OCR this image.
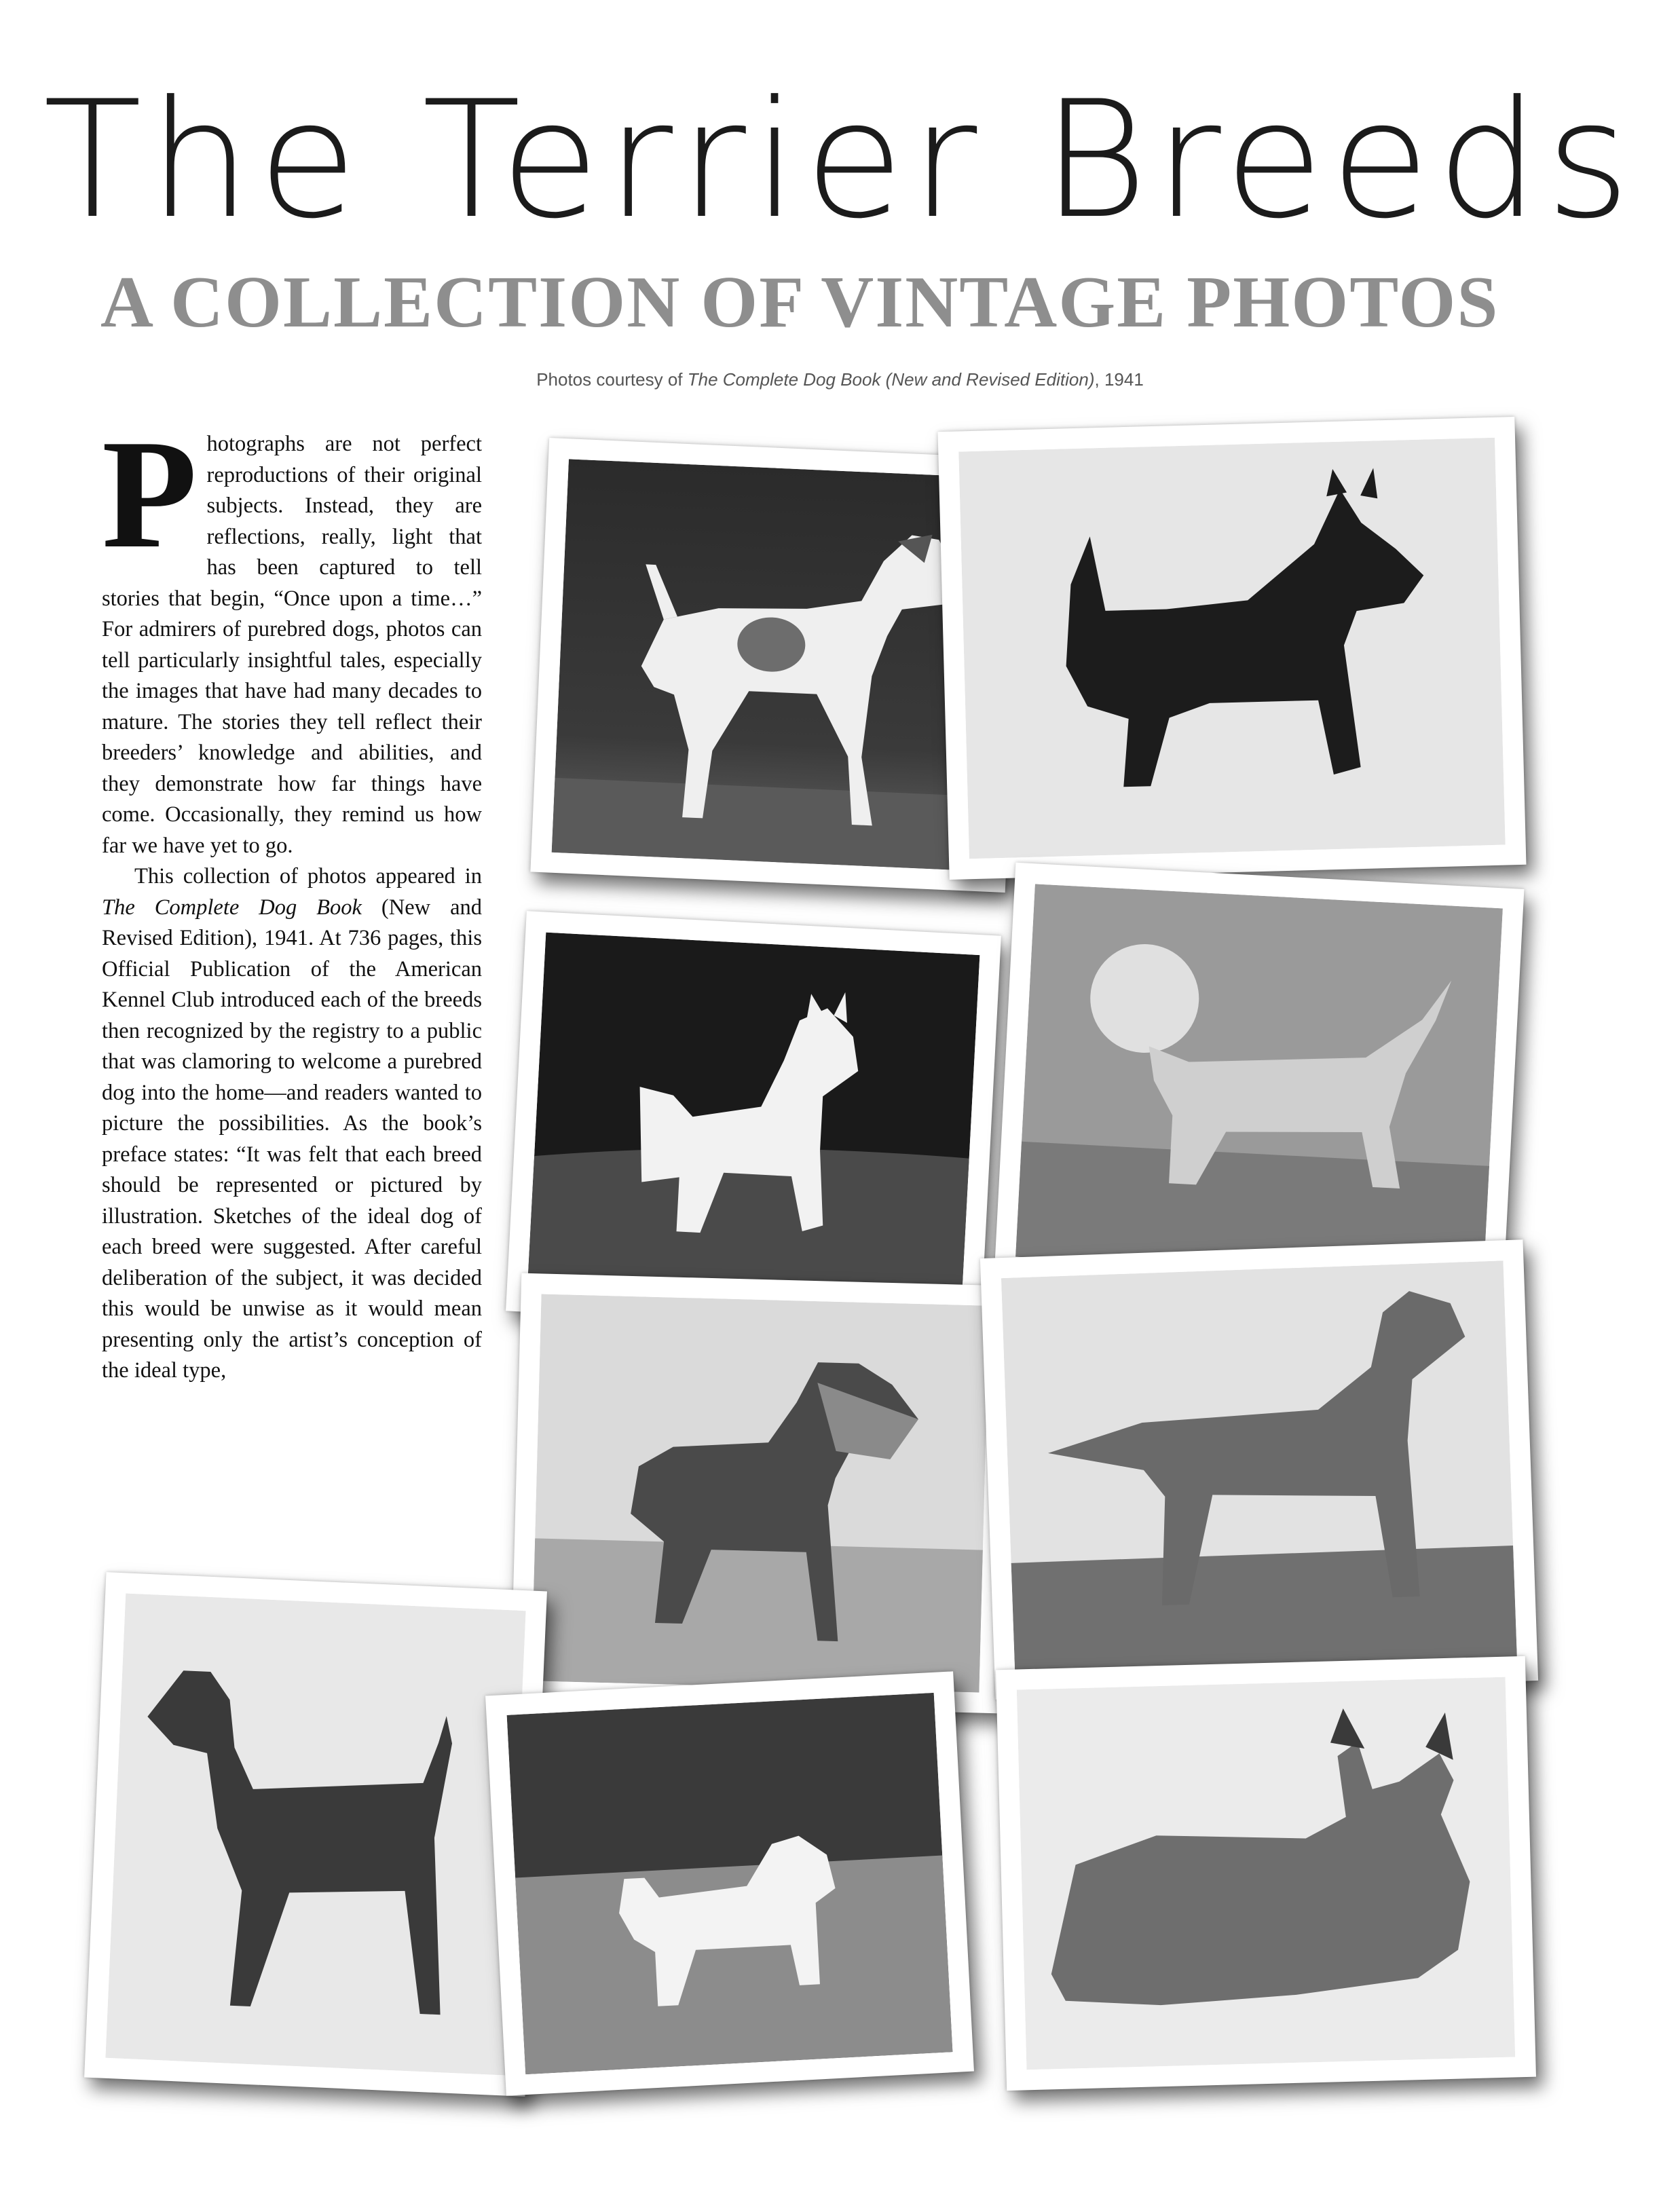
The Terrier Breeds
A COLLECTION OF VINTAGE PHOTOS
Photos courtesy of The Complete Dog Book (New and Revised Edition), 1941

Photographs are not perfect reproductions of their original subjects. Instead, they are reflections, really, light that has been captured to tell stories that begin, “Once upon a time…” For admirers of purebred dogs, photos can tell particularly insightful tales, especially the images that have had many decades to mature. The stories they tell reflect their breeders’ knowledge and abilities, and they demonstrate how far things have come. Occasionally, they remind us how far we have yet to go.

This collection of photos appeared in The Complete Dog Book (New and Revised Edition), 1941. At 736 pages, this Official Publication of the American Kennel Club introduced each of the breeds then recognized by the registry to a public that was clamoring to welcome a purebred dog into the home—and readers wanted to picture the possibilities. As the book’s preface states: “It was felt that each breed should be represented or pictured by illustration. Sketches of the ideal dog of each breed were suggested. After careful deliberation of the subject, it was decided this would be unwise as it would mean presenting only the artist’s conception of the ideal type,
